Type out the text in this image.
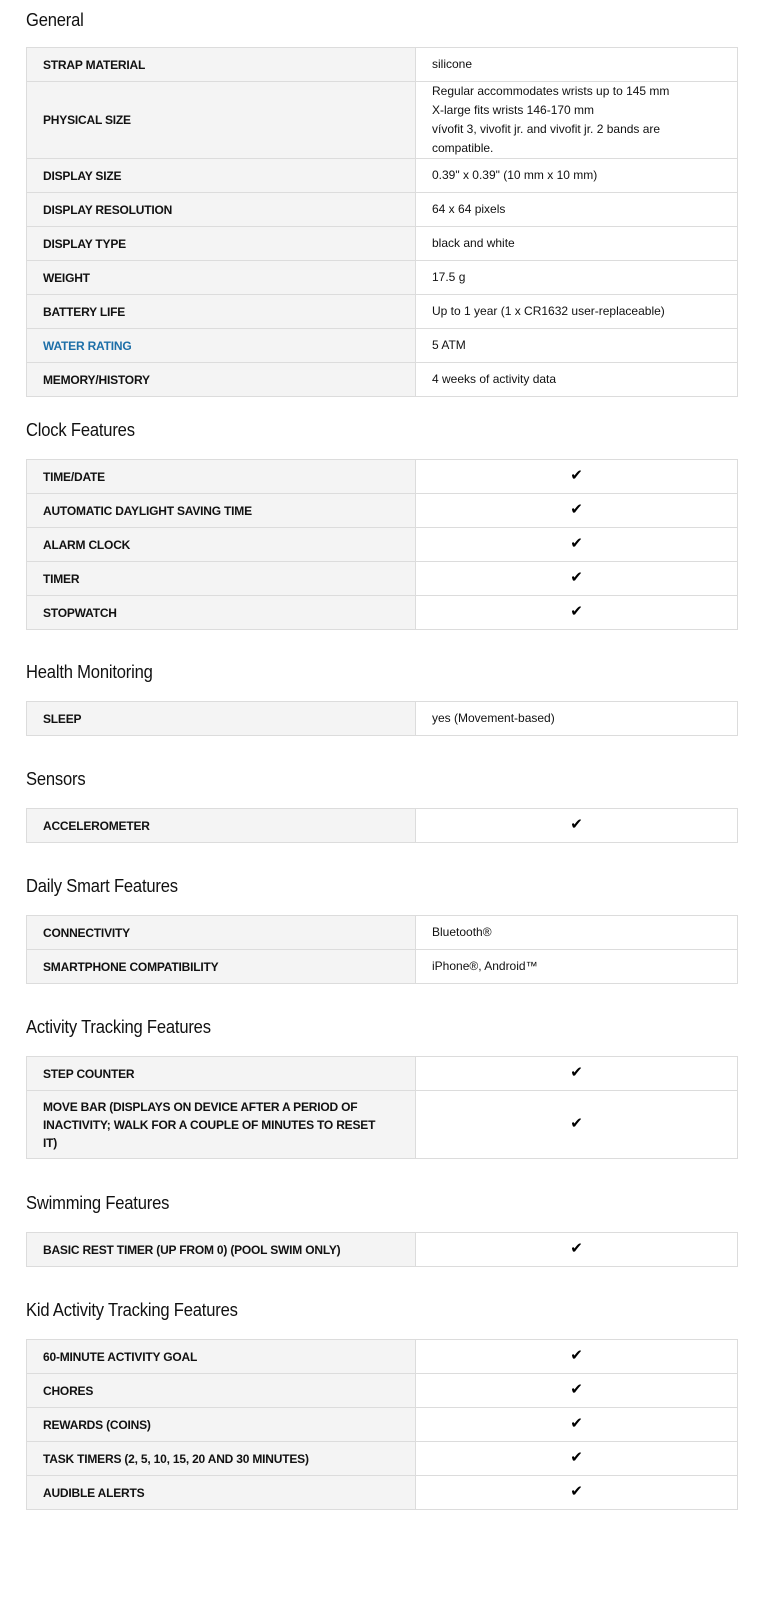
General
STRAP MATERIAL	silicone
PHYSICAL SIZE	Regular accommodates wrists up to 145 mm
X-large fits wrists 146-170 mm
vívofit 3, vivofit jr. and vivofit jr. 2 bands are compatible.

DISPLAY SIZE	0.39" x 0.39" (10 mm x 10 mm)
DISPLAY RESOLUTION	64 x 64 pixels
DISPLAY TYPE	black and white
WEIGHT	17.5 g
BATTERY LIFE	Up to 1 year (1 x CR1632 user-replaceable)
WATER RATING	5 ATM
MEMORY/HISTORY	4 weeks of activity data
Clock Features
TIME/DATE	✔
AUTOMATIC DAYLIGHT SAVING TIME	✔
ALARM CLOCK	✔
TIMER	✔
STOPWATCH	✔
Health Monitoring
SLEEP	yes (Movement-based)
Sensors
ACCELEROMETER	✔
Daily Smart Features
CONNECTIVITY	Bluetooth®
SMARTPHONE COMPATIBILITY	iPhone®, Android™
Activity Tracking Features
STEP COUNTER	✔

MOVE BAR (DISPLAYS ON DEVICE AFTER A PERIOD OF
INACTIVITY; WALK FOR A COUPLE OF MINUTES TO RESET
IT)	✔
Swimming Features
BASIC REST TIMER (UP FROM 0) (POOL SWIM ONLY)	✔
Kid Activity Tracking Features
60-MINUTE ACTIVITY GOAL	✔
CHORES	✔
REWARDS (COINS)	✔
TASK TIMERS (2, 5, 10, 15, 20 AND 30 MINUTES)	✔
AUDIBLE ALERTS	✔
